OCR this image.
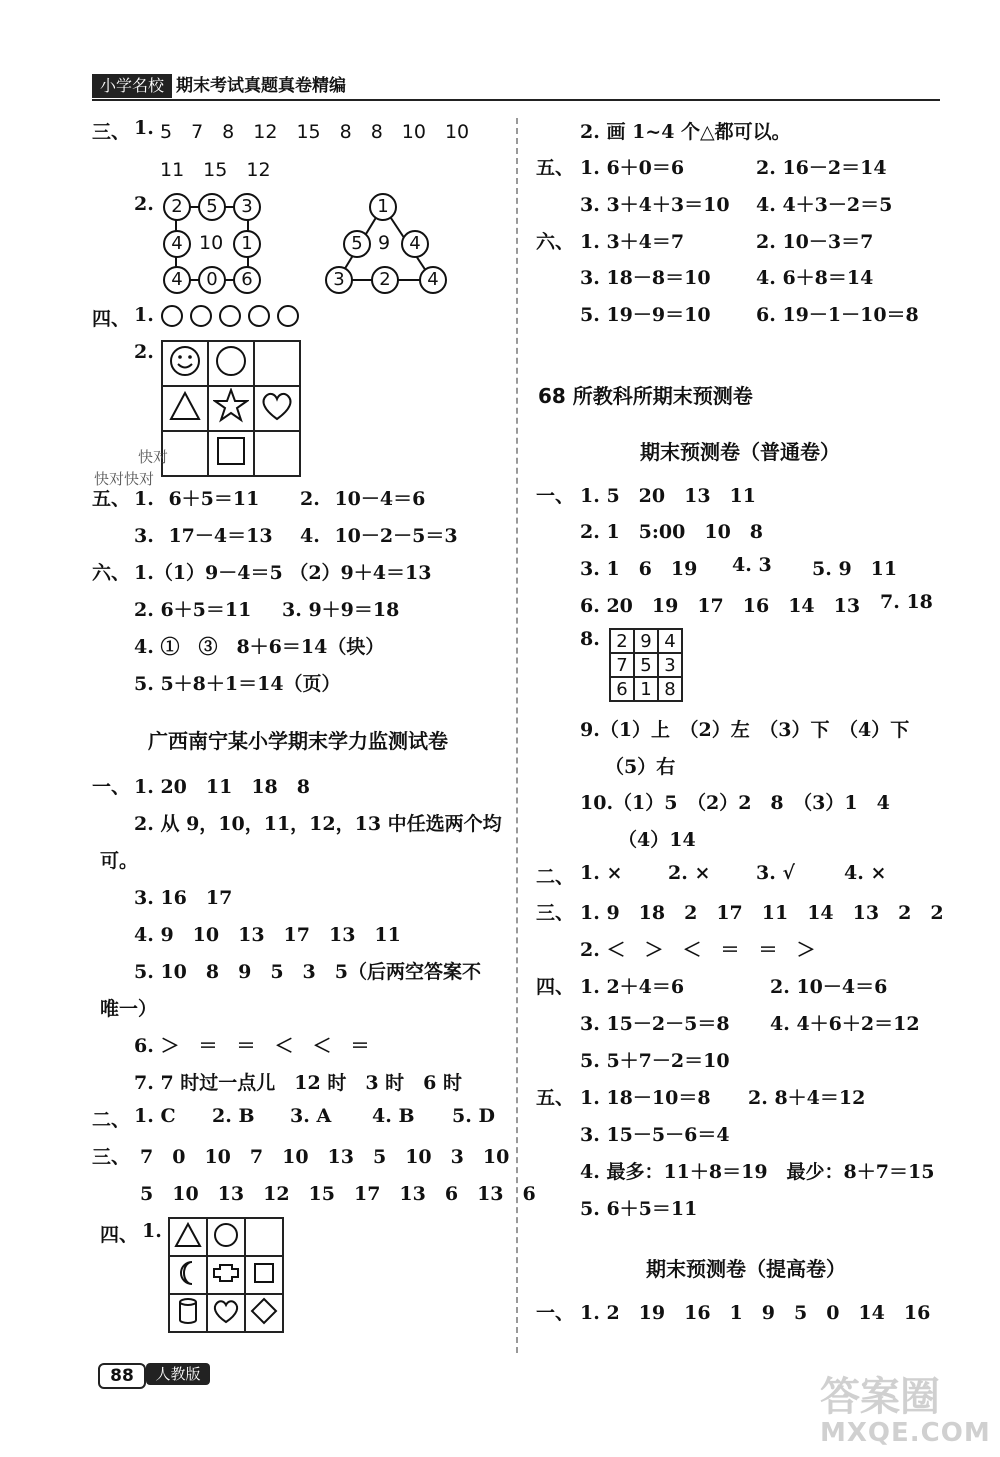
小学名校 期末考试真题真卷精编
三、 1. 5　7　8　12　15　8　8　10　10
11　15　12
2. 2	5	3
4 10	1
4	0	6
1
5 9	4
3	2	4
四、 1.
2.

快对
快对快对
五、 1. 6＋5＝11 2. 10－4＝6
3. 17－4＝13 4. 10－2－5＝3
六、 1.（1）9－4＝5 （2）9＋4＝13
2. 6＋5＝11 3. 9＋9＝18
4. ①　③　8＋6＝14（块）
5. 5＋8＋1＝14（页）
广西南宁某小学期末学力监测试卷
一、 1. 20　11　18　8
2. 从 9，10，11，12，13 中任选两个均
可。
3. 16　17
4. 9　10　13　17　13　11
5. 10　8　9　5　3　5（后两空答案不
唯一）
6. ＞　＝　＝　＜　＜　＝
7. 7 时过一点儿　12 时　3 时　6 时
二、 1. C 2. B 3. A 4. B 5. D
三、 7　0　10　7　10　13　5　10　3　10
5　10　13　12　15　17　13　6　13　6
四、 1.

2. 画 1~4 个△都可以。
五、 1. 6＋0＝6	2. 16－2＝14
3. 3＋4＋3＝10 4. 4＋3－2＝5
六、 1. 3＋4＝7	2. 10－3＝7
3. 18－8＝10 4. 6＋8＝14
5. 19－9＝10 6. 19－1－10＝8
68 所教科所期末预测卷
期末预测卷（普通卷）
一、 1. 5　20　13　11
2. 1　5:00　10　8
3. 1　6　19 4. 3 5. 9　11
6. 20　19　17　16　14　13 7. 18
8. 2	9	4
7	5	3
6	1	8
9.（1）上　（2）左　（3）下　（4）下
（5）右
10.（1）5　（2）2　8　（3）1　4
（4）14
二、 1. × 2. × 3. √	4. ×
三、 1. 9　18　2　17　11　14　13　2　2
2. ＜　＞　＜　＝　＝　＞
四、 1. 2＋4＝6	2. 10－4＝6
3. 15－2－5＝8 4. 4＋6＋2＝12
5. 5＋7－2＝10
五、 1. 18－10＝8 2. 8＋4＝12
3. 15－5－6＝4
4. 最多：11＋8＝19　最少：8＋7＝15
5. 6＋5＝11
期末预测卷（提高卷）
一、 1. 2　19　16　1　9　5　0　14　16
88	人教版	答案圈
MXQE.COM
